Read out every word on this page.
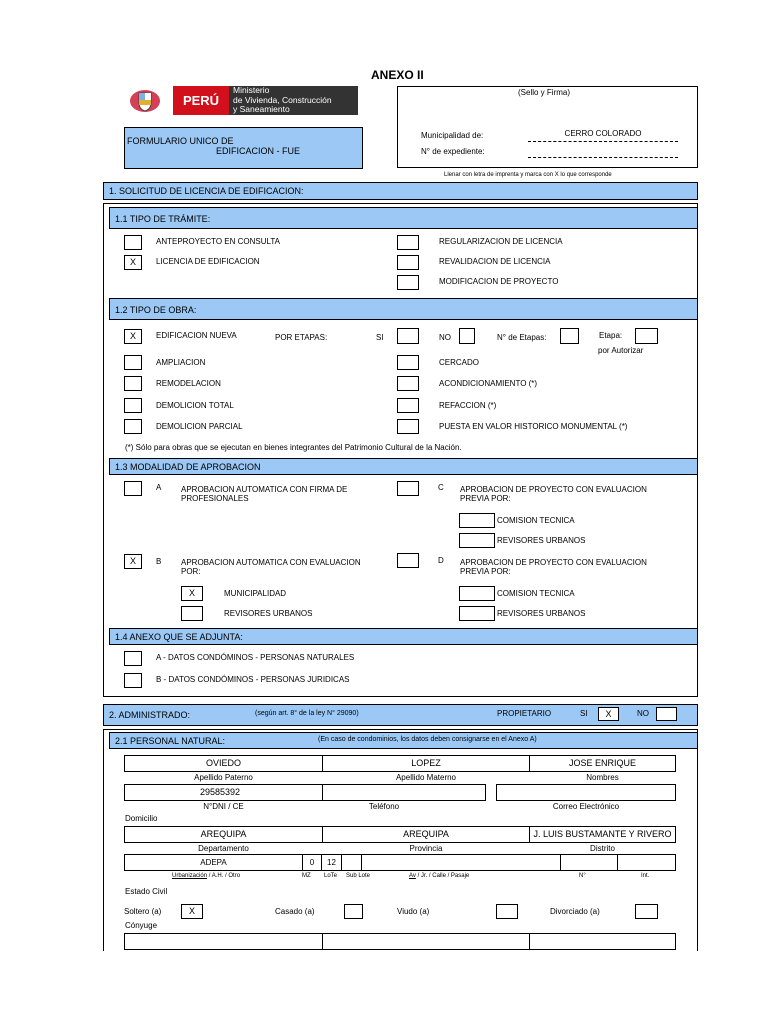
ANEXO II
PERÚ
Ministerio
de Vivienda, Construcción
y Saneamiento
(Sello y Firma)
Municipalidad de:	CERRO COLORADO
N° de expediente:
FORMULARIO UNICO DE
EDIFICACION - FUE
Llenar con letra de imprenta y marca con X lo que corresponde
1. SOLICITUD DE LICENCIA DE EDIFICACION:
1.1 TIPO DE TRÁMITE:
ANTEPROYECTO EN CONSULTA
X	LICENCIA DE EDIFICACION
REGULARIZACION DE LICENCIA
REVALIDACION DE LICENCIA
MODIFICACION DE PROYECTO
1.2 TIPO DE OBRA:
X	EDIFICACION NUEVA	POR ETAPAS:	SI	NO	N° de Etapas:	Etapa:
por Autorizar
AMPLIACION
REMODELACION
DEMOLICION TOTAL
DEMOLICION PARCIAL
CERCADO
ACONDICIONAMIENTO (*)
REFACCION (*)
PUESTA EN VALOR HISTORICO MONUMENTAL (*)
(*) Sólo para obras que se ejecutan en bienes integrantes del Patrimonio Cultural de la Nación.
1.3 MODALIDAD DE APROBACION
A APROBACION AUTOMATICA CON FIRMA DE
PROFESIONALES
C APROBACION DE PROYECTO CON EVALUACION
PREVIA POR:
COMISION TECNICA
REVISORES URBANOS
X	B APROBACION AUTOMATICA CON EVALUACION
POR:
D APROBACION DE PROYECTO CON EVALUACION
PREVIA POR:
X	MUNICIPALIDAD
REVISORES URBANOS
COMISION TECNICA
REVISORES URBANOS
1.4 ANEXO QUE SE ADJUNTA:
A - DATOS CONDÓMINOS - PERSONAS NATURALES
B - DATOS CONDÓMINOS - PERSONAS JURIDICAS
2. ADMINISTRADO:	(según art. 8° de la ley N° 29090)	PROPIETARIO	SI	X	NO
2.1 PERSONAL NATURAL:	(En caso de condominios, los datos deben consignarse en el Anexo A)
OVIEDO	LOPEZ	JOSE ENRIQUE
Apellido Paterno	Apellido Materno	Nombres
29585392
N°DNI / CE	Teléfono	Correo Electrónico
Domicilio
AREQUIPA	AREQUIPA	J. LUIS BUSTAMANTE Y RIVERO
Departamento	Provincia	Distrito
ADEPA	0	12
Urbanización / A.H. / Otro	MZ LoTe Sub Lote	Av / Jr. / Calle / Pasaje	N°	Int.
Estado Civil
Soltero (a)	X	Casado (a)	Viudo (a)	Divorciado (a)
Cónyuge
